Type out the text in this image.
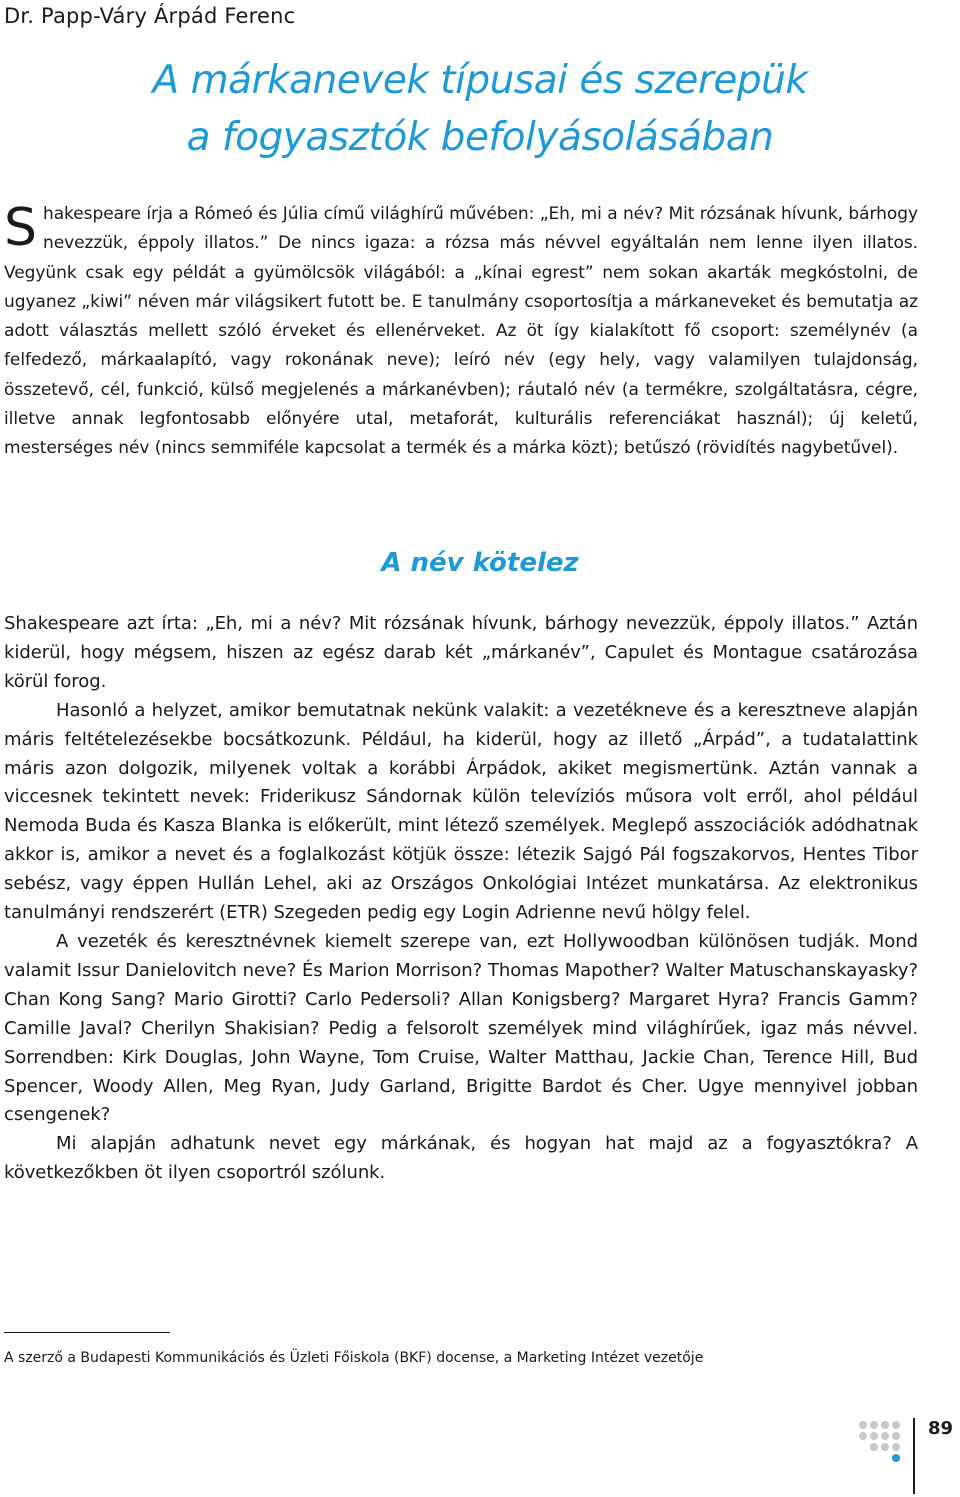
Dr. Papp-Váry Árpád Ferenc
A márkanevek típusai és szerepük
a fogyasztók befolyásolásában
Shakespeare írja a Rómeó és Júlia című világhírű művében: „Eh, mi a név? Mit rózsának hívunk, bárhogy nevezzük, éppoly illatos.” De nincs igaza: a rózsa más névvel egyáltalán nem lenne ilyen illatos. Vegyünk csak egy példát a gyümölcsök világából: a „kínai egrest” nem sokan akarták megkóstolni, de ugyanez „kiwi” néven már világsikert futott be. E tanulmány csoportosítja a márkaneveket és bemutatja az adott választás mellett szóló érveket és ellenérveket. Az öt így kialakított fő csoport: személynév (a felfedező, márkaalapító, vagy rokonának neve); leíró név (egy hely, vagy valamilyen tulajdonság, összetevő, cél, funkció, külső megjelenés a márkanévben); ráutaló név (a termékre, szolgáltatásra, cégre, illetve annak legfontosabb előnyére utal, metaforát, kulturális referenciákat használ); új keletű, mesterséges név (nincs semmiféle kapcsolat a termék és a márka közt); betűszó (rövidítés nagybetűvel).
A név kötelez

Shakespeare azt írta: „Eh, mi a név? Mit rózsának hívunk, bárhogy nevezzük, éppoly illatos.” Aztán kiderül, hogy mégsem, hiszen az egész darab két „márkanév”, Capulet és Montague csatározása körül forog.

Hasonló a helyzet, amikor bemutatnak nekünk valakit: a vezetékneve és a keresztneve alapján máris feltételezésekbe bocsátkozunk. Például, ha kiderül, hogy az illető „Árpád”, a tudatalattink máris azon dolgozik, milyenek voltak a korábbi Árpádok, akiket megismertünk. Aztán vannak a viccesnek tekintett nevek: Friderikusz Sándornak külön televíziós műsora volt erről, ahol például Nemoda Buda és Kasza Blanka is előkerült, mint létező személyek. Meglepő asszociációk adódhatnak akkor is, amikor a nevet és a foglalkozást kötjük össze: létezik Sajgó Pál fogszakorvos, Hentes Tibor sebész, vagy éppen Hullán Lehel, aki az Országos Onkológiai Intézet munkatársa. Az elektronikus tanulmányi rendszerért (ETR) Szegeden pedig egy Login Adrienne nevű hölgy felel.

A vezeték és keresztnévnek kiemelt szerepe van, ezt Hollywoodban különösen tudják. Mond valamit Issur Danielovitch neve? És Marion Morrison? Thomas Mapother? Walter Matuschanskayasky? Chan Kong Sang? Mario Girotti? Carlo Pedersoli? Allan Konigsberg? Margaret Hyra? Francis Gamm? Camille Javal? Cherilyn Shakisian? Pedig a felsorolt személyek mind világhírűek, igaz más névvel. Sorrendben: Kirk Douglas, John Wayne, Tom Cruise, Walter Matthau, Jackie Chan, Terence Hill, Bud Spencer, Woody Allen, Meg Ryan, Judy Garland, Brigitte Bardot és Cher. Ugye mennyivel jobban csengenek?

Mi alapján adhatunk nevet egy márkának, és hogyan hat majd az a fogyasztókra? A következőkben öt ilyen csoportról szólunk.

A szerző a Budapesti Kommunikációs és Üzleti Főiskola (BKF) docense, a Marketing Intézet vezetője
89
